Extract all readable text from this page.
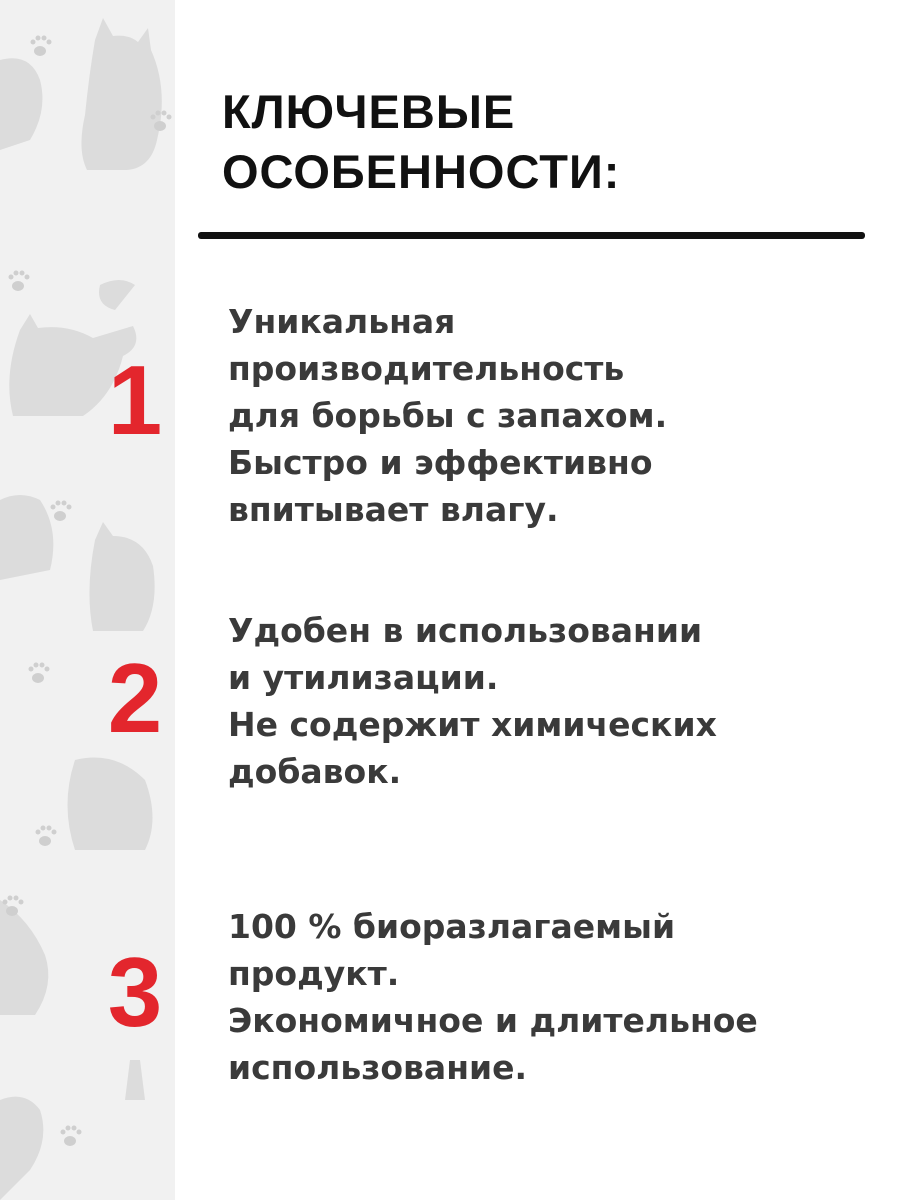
КЛЮЧЕВЫЕ
ОСОБЕННОСТИ:
1
Уникальная
производительность
для борьбы с запахом.
Быстро и эффективно
впитывает влагу.
2
Удобен в использовании
и утилизации.
Не содержит химических
добавок.
3
100 % биоразлагаемый
продукт.
Экономичное и длительное
использование.
